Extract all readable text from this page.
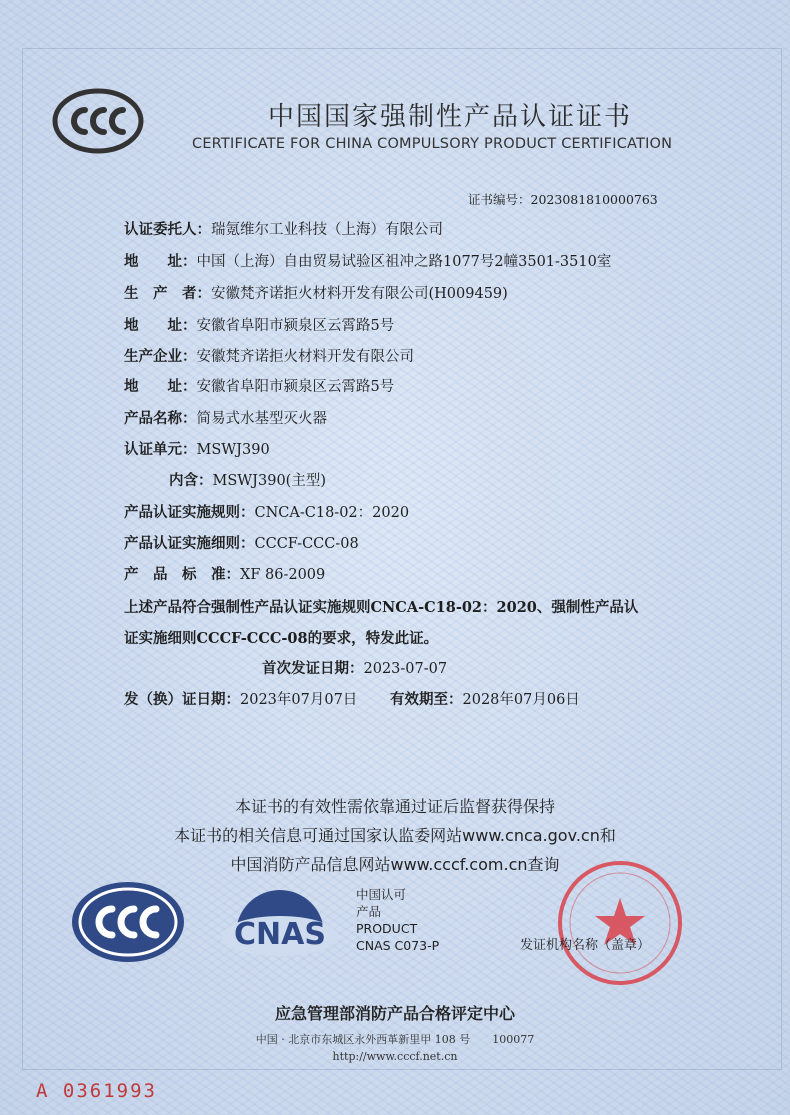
中国国家强制性产品认证证书
CERTIFICATE FOR CHINA COMPULSORY PRODUCT CERTIFICATION
证书编号：2023081810000763
认证委托人：瑞氪维尔工业科技（上海）有限公司
地　　址：中国（上海）自由贸易试验区祖冲之路1077号2幢3501-3510室
生　产　者：安徽梵齐诺拒火材料开发有限公司(H009459)
地　　址：安徽省阜阳市颍泉区云霄路5号
生产企业：安徽梵齐诺拒火材料开发有限公司
地　　址：安徽省阜阳市颍泉区云霄路5号
产品名称：简易式水基型灭火器
认证单元：MSWJ390
　　内含：MSWJ390(主型)
产品认证实施规则：CNCA-C18-02：2020
产品认证实施细则：CCCF-CCC-08
产　品　标　准：XF 86-2009
上述产品符合强制性产品认证实施规则CNCA-C18-02：2020、强制性产品认
证实施细则CCCF-CCC-08的要求，特发此证。
首次发证日期：2023-07-07
发（换）证日期：2023年07月07日 有效期至：2028年07月06日
本证书的有效性需依靠通过证后监督获得保持
本证书的相关信息可通过国家认监委网站www.cnca.gov.cn和
中国消防产品信息网站www.cccf.com.cn查询
CNAS
中国认可
产品
PRODUCT
CNAS C073-P	发证机构名称（盖章）
应急管理部消防产品合格评定中心
中国 · 北京市东城区永外西革新里甲 108 号　　100077
http://www.cccf.net.cn
A 0361993
